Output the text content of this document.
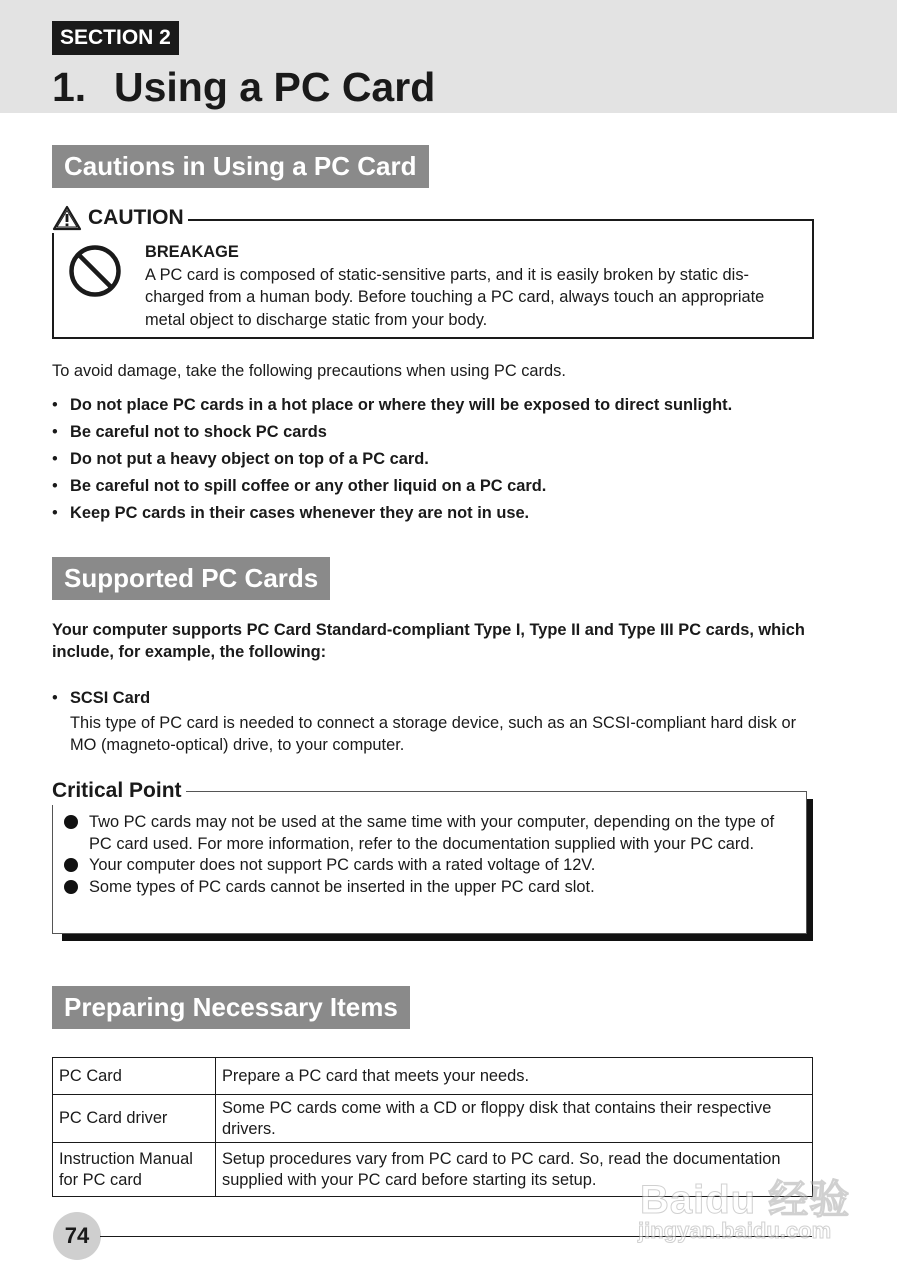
SECTION 2
1. Using a PC Card
Cautions in Using a PC Card
CAUTION
BREAKAGE
A PC card is composed of static-sensitive parts, and it is easily broken by static dis-charged from a human body. Before touching a PC card, always touch an appropriate metal object to discharge static from your body.
To avoid damage, take the following precautions when using PC cards.
• Do not place PC cards in a hot place or where they will be exposed to direct sunlight.
• Be careful not to shock PC cards
• Do not put a heavy object on top of a PC card.
• Be careful not to spill coffee or any other liquid on a PC card.
• Keep PC cards in their cases whenever they are not in use.
Supported PC Cards
Your computer supports PC Card Standard-compliant Type I, Type II and Type III PC cards, which include, for example, the following:
• SCSI Card
This type of PC card is needed to connect a storage device, such as an SCSI-compliant hard disk or MO (magneto-optical) drive, to your computer.
Critical Point
Two PC cards may not be used at the same time with your computer, depending on the type of PC card used. For more information, refer to the documentation supplied with your PC card.
Your computer does not support PC cards with a rated voltage of 12V.
Some types of PC cards cannot be inserted in the upper PC card slot.
Preparing Necessary Items
PC Card	Prepare a PC card that meets your needs.
PC Card driver	Some PC cards come with a CD or floppy disk that contains their respective drivers.
Instruction Manual for PC card	Setup procedures vary from PC card to PC card. So, read the documentation supplied with your PC card before starting its setup.
74
Baidu 经验
jingyan.baidu.com
